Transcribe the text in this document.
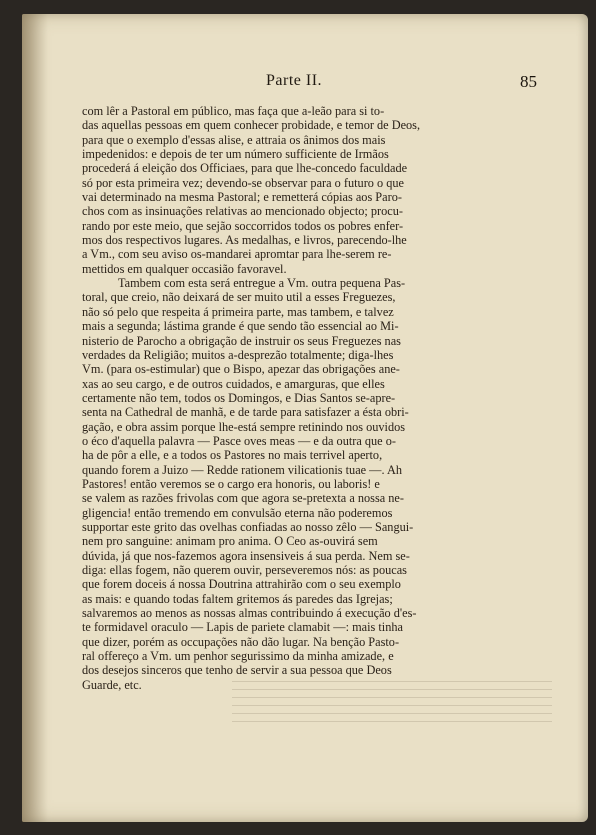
Parte II.	85
com lêr a Pastoral em público, mas faça que a-leão para si to-
das aquellas pessoas em quem conhecer probidade, e temor de Deos,
para que o exemplo d'essas alise, e attraia os ânimos dos mais
impedenidos: e depois de ter um número sufficiente de Irmãos
procederá á eleição dos Officiaes, para que lhe-concedo faculdade
só por esta primeira vez; devendo-se observar para o futuro o que
vai determinado na mesma Pastoral; e remetterá cópias aos Paro-
chos com as insinuações relativas ao mencionado objecto; procu-
rando por este meio, que sejão soccorridos todos os pobres enfer-
mos dos respectivos lugares. As medalhas, e livros, parecendo-lhe
a Vm., com seu aviso os-mandarei apromtar para lhe-serem re-
mettidos em qualquer occasião favoravel.
Tambem com esta será entregue a Vm. outra pequena Pas-
toral, que creio, não deixará de ser muito util a esses Freguezes,
não só pelo que respeita á primeira parte, mas tambem, e talvez
mais a segunda; lástima grande é que sendo tão essencial ao Mi-
nisterio de Parocho a obrigação de instruir os seus Freguezes nas
verdades da Religião; muitos a-desprezão totalmente; diga-lhes
Vm. (para os-estimular) que o Bispo, apezar das obrigações ane-
xas ao seu cargo, e de outros cuidados, e amarguras, que elles
certamente não tem, todos os Domingos, e Dias Santos se-apre-
senta na Cathedral de manhã, e de tarde para satisfazer a ésta obri-
gação, e obra assim porque lhe-está sempre retinindo nos ouvidos
o éco d'aquella palavra — Pasce oves meas — e da outra que o-
ha de pôr a elle, e a todos os Pastores no mais terrivel aperto,
quando forem a Juizo — Redde rationem vilicationis tuae —. Ah
Pastores! então veremos se o cargo era honoris, ou laboris! e
se valem as razões frivolas com que agora se-pretexta a nossa ne-
gligencia! então tremendo em convulsão eterna não poderemos
supportar este grito das ovelhas confiadas ao nosso zêlo — Sangui-
nem pro sanguine: animam pro anima. O Ceo as-ouvirá sem
dúvida, já que nos-fazemos agora insensiveis á sua perda. Nem se-
diga: ellas fogem, não querem ouvir, perseveremos nós: as poucas
que forem doceis á nossa Doutrina attrahirão com o seu exemplo
as mais: e quando todas faltem gritemos ás paredes das Igrejas;
salvaremos ao menos as nossas almas contribuindo á execução d'es-
te formidavel oraculo — Lapis de pariete clamabit —: mais tinha
que dizer, porém as occupações não dão lugar. Na benção Pasto-
ral offereço a Vm. um penhor segurissimo da minha amizade, e
dos desejos sinceros que tenho de servir a sua pessoa que Deos
Guarde, etc.
